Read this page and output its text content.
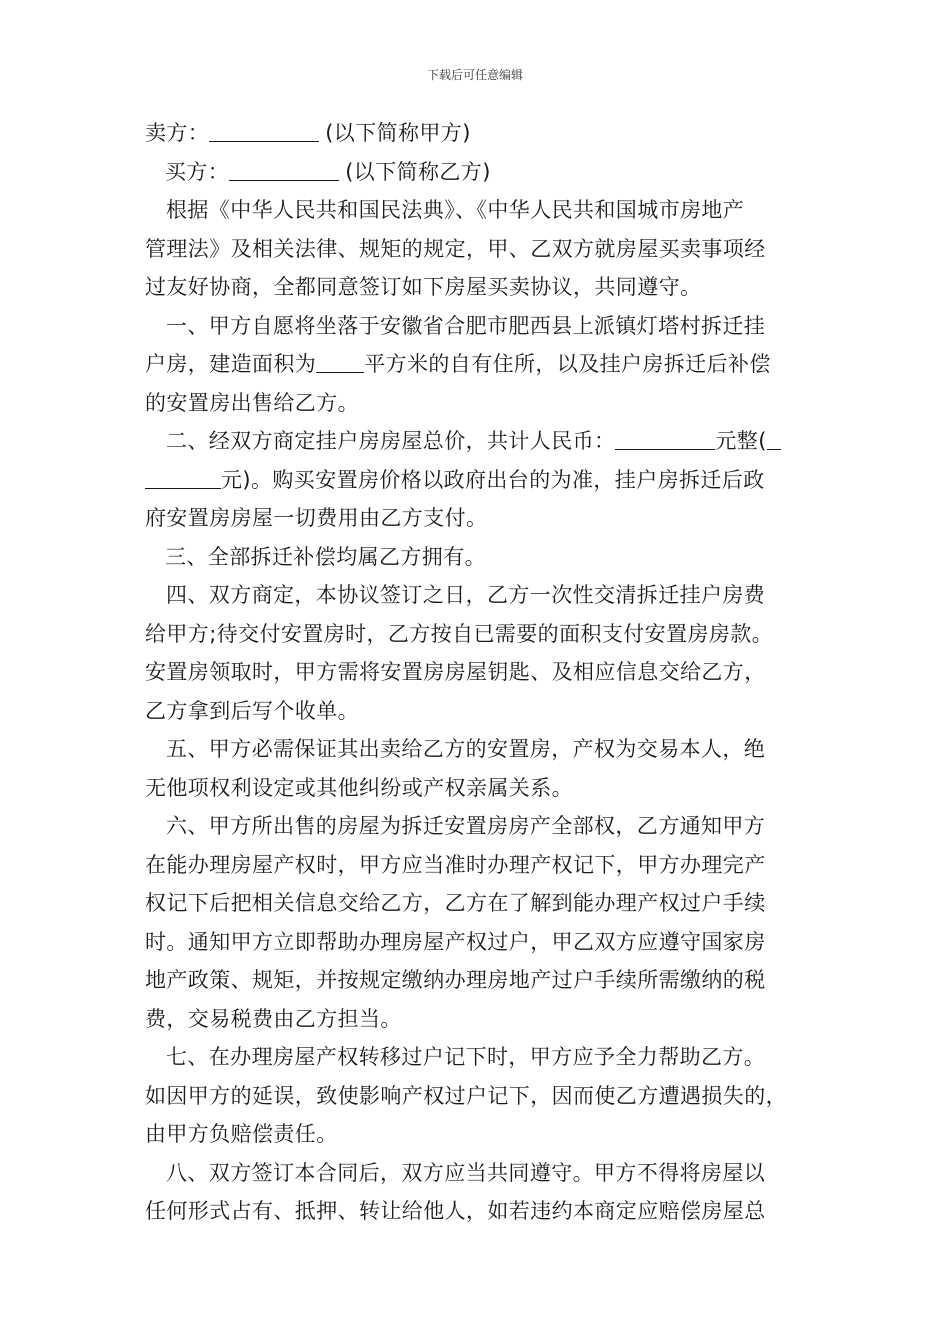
下载后可任意编辑
卖方：	(以下简称甲方)
买方：	(以下简称乙方)
根据《中华人民共和国民法典》、《中华人民共和国城市房地产
管理法》及相关法律、规矩的规定，甲、乙双方就房屋买卖事项经
过友好协商，全都同意签订如下房屋买卖协议，共同遵守。
一、甲方自愿将坐落于安徽省合肥市肥西县上派镇灯塔村拆迁挂
户房，建造面积为 平方米的自有住所，以及挂户房拆迁后补偿
的安置房出售给乙方。
二、经双方商定挂户房房屋总价，共计人民币：	元整(
元)。购买安置房价格以政府出台的为准，挂户房拆迁后政
府安置房房屋一切费用由乙方支付。
三、全部拆迁补偿均属乙方拥有。
四、双方商定，本协议签订之日，乙方一次性交清拆迁挂户房费
给甲方;待交付安置房时，乙方按自已需要的面积支付安置房房款。
安置房领取时，甲方需将安置房房屋钥匙、及相应信息交给乙方，
乙方拿到后写个收单。
五、甲方必需保证其出卖给乙方的安置房，产权为交易本人，绝
无他项权利设定或其他纠纷或产权亲属关系。
六、甲方所出售的房屋为拆迁安置房房产全部权，乙方通知甲方
在能办理房屋产权时，甲方应当准时办理产权记下，甲方办理完产
权记下后把相关信息交给乙方，乙方在了解到能办理产权过户手续
时。通知甲方立即帮助办理房屋产权过户，甲乙双方应遵守国家房
地产政策、规矩，并按规定缴纳办理房地产过户手续所需缴纳的税
费，交易税费由乙方担当。
七、在办理房屋产权转移过户记下时，甲方应予全力帮助乙方。
如因甲方的延误，致使影响产权过户记下，因而使乙方遭遇损失的，
由甲方负赔偿责任。
八、双方签订本合同后，双方应当共同遵守。甲方不得将房屋以
任何形式占有、抵押、转让给他人，如若违约本商定应赔偿房屋总
